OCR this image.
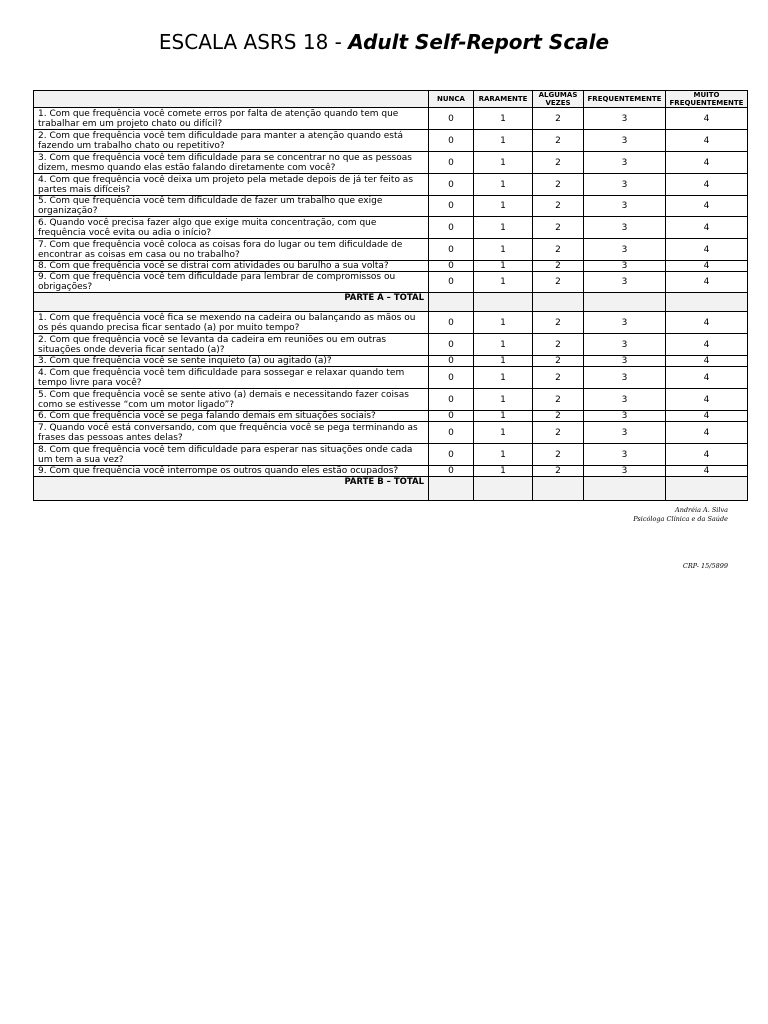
ESCALA ASRS 18 - Adult Self-Report Scale
	NUNCA	RARAMENTE	ALGUMAS VEZES	FREQUENTEMENTE	MUITO FREQUENTEMENTE
1. Com que frequência você comete erros por falta de atenção quando tem que trabalhar em um projeto chato ou difícil?	0	1	2	3	4
2. Com que frequência você tem dificuldade para manter a atenção quando está fazendo um trabalho chato ou repetitivo?	0	1	2	3	4
3. Com que frequência você tem dificuldade para se concentrar no que as pessoas dizem, mesmo quando elas estão falando diretamente com você?	0	1	2	3	4
4. Com que frequência você deixa um projeto pela metade depois de já ter feito as partes mais difíceis?	0	1	2	3	4
5. Com que frequência você tem dificuldade de fazer um trabalho que exige organização?	0	1	2	3	4
6. Quando você precisa fazer algo que exige muita concentração, com que frequência você evita ou adia o início?	0	1	2	3	4
7. Com que frequência você coloca as coisas fora do lugar ou tem dificuldade de encontrar as coisas em casa ou no trabalho?	0	1	2	3	4
8. Com que frequência você se distrai com atividades ou barulho a sua volta?	0	1	2	3	4
9. Com que frequência você tem dificuldade para lembrar de compromissos ou obrigações?	0	1	2	3	4
PARTE A – TOTAL					
1. Com que frequência você fica se mexendo na cadeira ou balançando as mãos ou os pés quando precisa ficar sentado (a) por muito tempo?	0	1	2	3	4
2. Com que frequência você se levanta da cadeira em reuniões ou em outras situações onde deveria ficar sentado (a)?	0	1	2	3	4
3. Com que frequência você se sente inquieto (a) ou agitado (a)?	0	1	2	3	4
4. Com que frequência você tem dificuldade para sossegar e relaxar quando tem tempo livre para você?	0	1	2	3	4
5. Com que frequência você se sente ativo (a) demais e necessitando fazer coisas como se estivesse “com um motor ligado”?	0	1	2	3	4
6. Com que frequência você se pega falando demais em situações sociais?	0	1	2	3	4
7. Quando você está conversando, com que frequência você se pega terminando as frases das pessoas antes delas?	0	1	2	3	4
8. Com que frequência você tem dificuldade para esperar nas situações onde cada um tem a sua vez?	0	1	2	3	4
9. Com que frequência você interrompe os outros quando eles estão ocupados?	0	1	2	3	4
PARTE B – TOTAL					
Andréia A. Silva
Psicóloga Clínica e da Saúde
CRP- 15/5899
